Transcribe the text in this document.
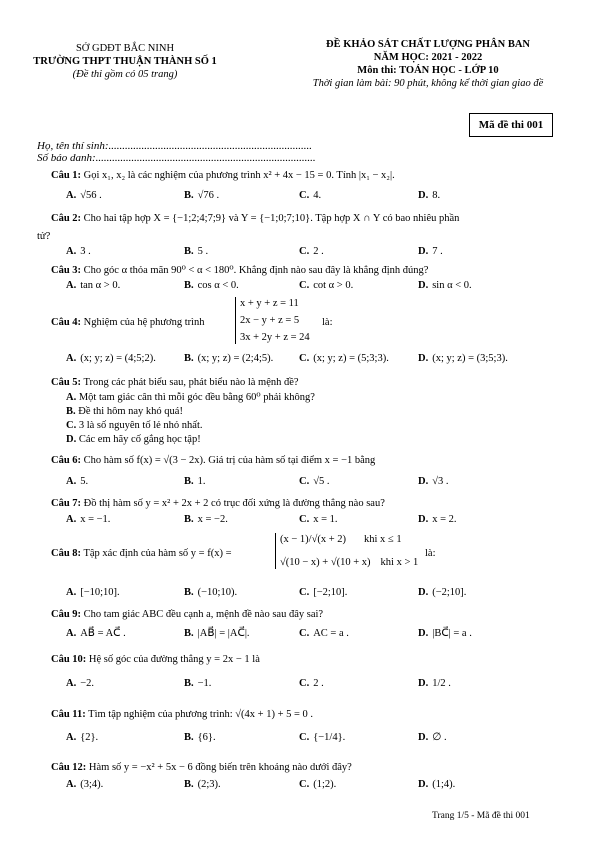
SỞ GDĐT BẮC NINH
TRƯỜNG THPT THUẬN THÀNH SỐ 1
(Đề thi gồm có 05 trang)
ĐỀ KHẢO SÁT CHẤT LƯỢNG PHÂN BAN
NĂM HỌC: 2021 - 2022
Môn thi: TOÁN HỌC - LỚP 10
Thời gian làm bài: 90 phút, không kể thời gian giao đề
Mã đề thi 001
Họ, tên thí sinh:..........................................................................
Số báo danh:................................................................................
Câu 1: Gọi x₁, x₂ là các nghiệm của phương trình x² + 4x − 15 = 0. Tính |x₁ − x₂|.
A. √56 .	B. √76 .	C. 4.	D. 8.
Câu 2: Cho hai tập hợp X = {−1;2;4;7;9} và Y = {−1;0;7;10}. Tập hợp X ∩ Y có bao nhiêu phần
tử?
A. 3 .	B. 5 .	C. 2 .	D. 7 .
Câu 3: Cho góc α thỏa mãn 90⁰ < α < 180⁰. Khẳng định nào sau đây là khẳng định đúng?
A. tan α > 0.	B. cos α < 0.	C. cot α > 0.	D. sin α < 0.
Câu 4: Nghiệm của hệ phương trình
x + y + z = 11
2x − y + z = 5
3x + 2y + z = 24
là:
A. (x; y; z) = (4;5;2).	B. (x; y; z) = (2;4;5). C. (x; y; z) = (5;3;3).	D. (x; y; z) = (3;5;3).
Câu 5: Trong các phát biểu sau, phát biểu nào là mệnh đề?
A. Một tam giác cân thì mỗi góc đều bằng 60⁰ phải không?
B. Đề thi hôm nay khó quá!
C. 3 là số nguyên tố lẻ nhỏ nhất.
D. Các em hãy cố gắng học tập!
Câu 6: Cho hàm số f(x) = √(3 − 2x). Giá trị của hàm số tại điểm x = −1 bằng
A. 5.	B. 1.	C. √5 .	D. √3 .
Câu 7: Đồ thị hàm số y = x² + 2x + 2 có trục đối xứng là đường thẳng nào sau?
A. x = −1.	B. x = −2.	C. x = 1.	D. x = 2.
Câu 8: Tập xác định của hàm số y = f(x) =
(x − 1)/√(x + 2) khi x ≤ 1
√(10 − x) + √(10 + x) khi x > 1
là:
A. [−10;10].	B. (−10;10).	C. [−2;10].	D. (−2;10].
Câu 9: Cho tam giác ABC đều cạnh a, mệnh đề nào sau đây sai?
A. AB⃗ = AC⃗ .	B. |AB⃗| = |AC⃗|.	C. AC = a .	D. |BC⃗| = a .
Câu 10: Hệ số góc của đường thẳng y = 2x − 1 là
A. −2.	B. −1.	C. 2 .	D. 1/2 .
Câu 11: Tìm tập nghiệm của phương trình: √(4x + 1) + 5 = 0 .
A. {2}.	B. {6}.	C. {−1/4}.	D. ∅ .
Câu 12: Hàm số y = −x² + 5x − 6 đồng biến trên khoảng nào dưới đây?
A. (3;4).	B. (2;3).	C. (1;2).	D. (1;4).
Trang 1/5 - Mã đề thi 001
